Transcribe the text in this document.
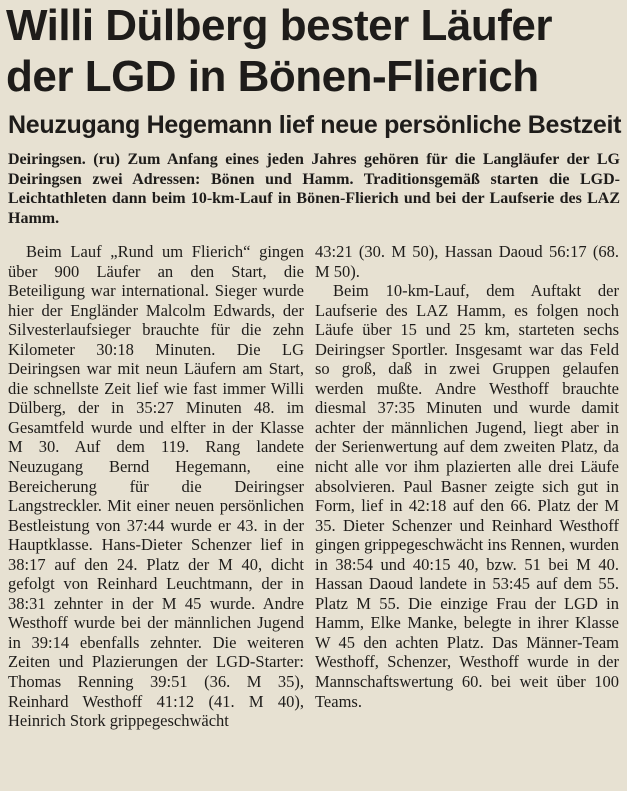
Willi Dülberg bester Läufer
der LGD in Bönen-Flierich
Neuzugang Hegemann lief neue persönliche Bestzeit

Deiringsen. (ru) Zum Anfang eines jeden Jahres gehören für die Langläufer der LG Deiringsen zwei Adressen: Bönen und Hamm. Traditionsgemäß starten die LGD-Leichtathleten dann beim 10-km-Lauf in Bönen-Flierich und bei der Laufserie des LAZ Hamm.

Beim Lauf „Rund um Flierich“ gingen über 900 Läufer an den Start, die Beteiligung war international. Sieger wurde hier der Engländer Malcolm Edwards, der Silvesterlaufsieger brauchte für die zehn Kilometer 30:18 Minuten. Die LG Deiringsen war mit neun Läufern am Start, die schnellste Zeit lief wie fast immer Willi Dülberg, der in 35:27 Minuten 48. im Gesamtfeld wurde und elfter in der Klasse M 30. Auf dem 119. Rang landete Neuzugang Bernd Hegemann, eine Bereicherung für die Deiringser Langstreckler. Mit einer neuen persönlichen Bestleistung von 37:44 wurde er 43. in der Hauptklasse. Hans-Dieter Schenzer lief in 38:17 auf den 24. Platz der M 40, dicht gefolgt von Reinhard Leuchtmann, der in 38:31 zehnter in der M 45 wurde. Andre Westhoff wurde bei der männlichen Jugend in 39:14 ebenfalls zehnter. Die weiteren Zeiten und Plazierungen der LGD-Starter: Thomas Renning 39:51 (36. M 35), Reinhard Westhoff 41:12 (41. M 40), Heinrich Stork grippegeschwächt

43:21 (30. M 50), Hassan Daoud 56:17 (68. M 50).

Beim 10-km-Lauf, dem Auftakt der Laufserie des LAZ Hamm, es folgen noch Läufe über 15 und 25 km, starteten sechs Deiringser Sportler. Insgesamt war das Feld so groß, daß in zwei Gruppen gelaufen werden mußte. Andre Westhoff brauchte diesmal 37:35 Minuten und wurde damit achter der männlichen Jugend, liegt aber in der Serienwertung auf dem zweiten Platz, da nicht alle vor ihm plazierten alle drei Läufe absolvieren. Paul Basner zeigte sich gut in Form, lief in 42:18 auf den 66. Platz der M 35. Dieter Schenzer und Reinhard Westhoff gingen grippegeschwächt ins Rennen, wurden in 38:54 und 40:15 40, bzw. 51 bei M 40. Hassan Daoud landete in 53:45 auf dem 55. Platz M 55. Die einzige Frau der LGD in Hamm, Elke Manke, belegte in ihrer Klasse W 45 den achten Platz. Das Männer-Team Westhoff, Schenzer, Westhoff wurde in der Mannschaftswertung 60. bei weit über 100 Teams.
